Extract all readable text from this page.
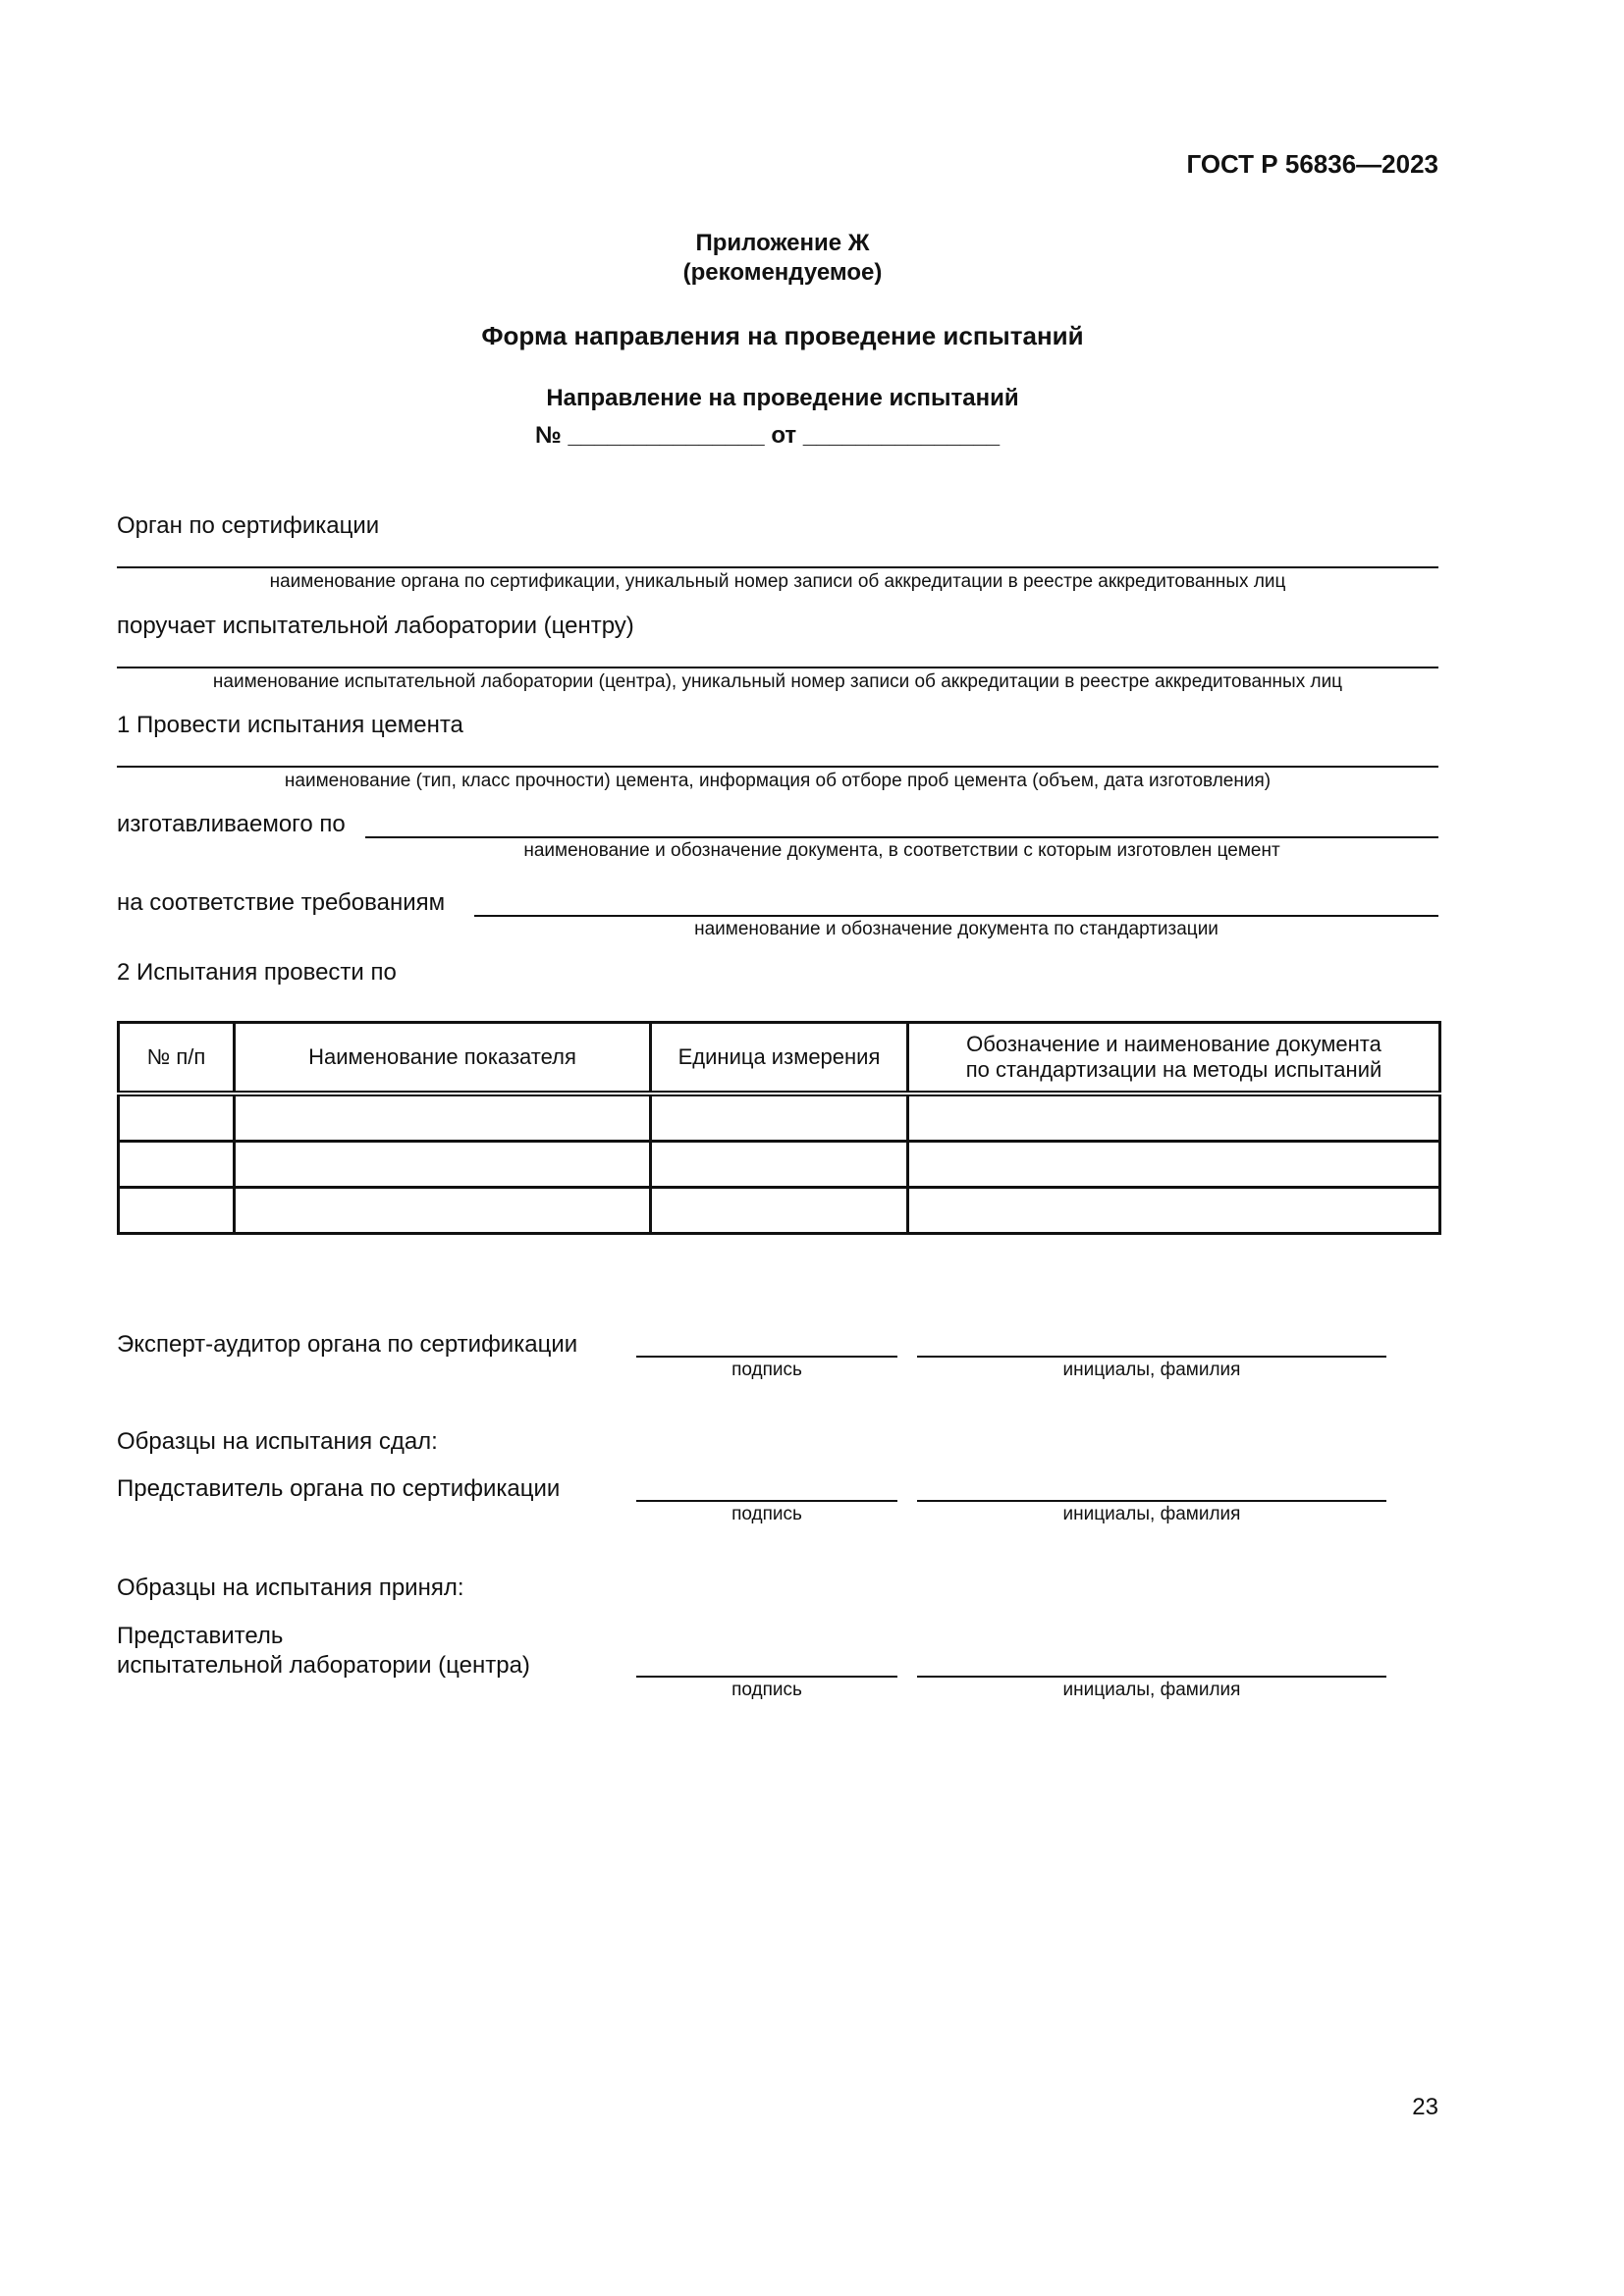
ГОСТ Р 56836—2023
Приложение Ж
(рекомендуемое)
Форма направления на проведение испытаний
Направление на проведение испытаний
№ _______________ от _______________
Орган по сертификации
наименование органа по сертификации, уникальный номер записи об аккредитации в реестре аккредитованных лиц
поручает испытательной лаборатории (центру)
наименование испытательной лаборатории (центра), уникальный номер записи об аккредитации в реестре аккредитованных лиц
1 Провести испытания цемента
наименование (тип, класс прочности) цемента, информация об отборе проб цемента (объем, дата изготовления)
изготавливаемого по
наименование и обозначение документа, в соответствии с которым изготовлен цемент
на соответствие требованиям
наименование и обозначение документа по стандартизации
2 Испытания провести по
№ п/п	Наименование показателя	Единица измерения	Обозначение и наименование документа
по стандартизации на методы испытаний

Эксперт-аудитор органа по сертификации
подпись	инициалы, фамилия
Образцы на испытания сдал:
Представитель органа по сертификации
подпись	инициалы, фамилия
Образцы на испытания принял:
Представитель
испытательной лаборатории (центра)
подпись	инициалы, фамилия
23
